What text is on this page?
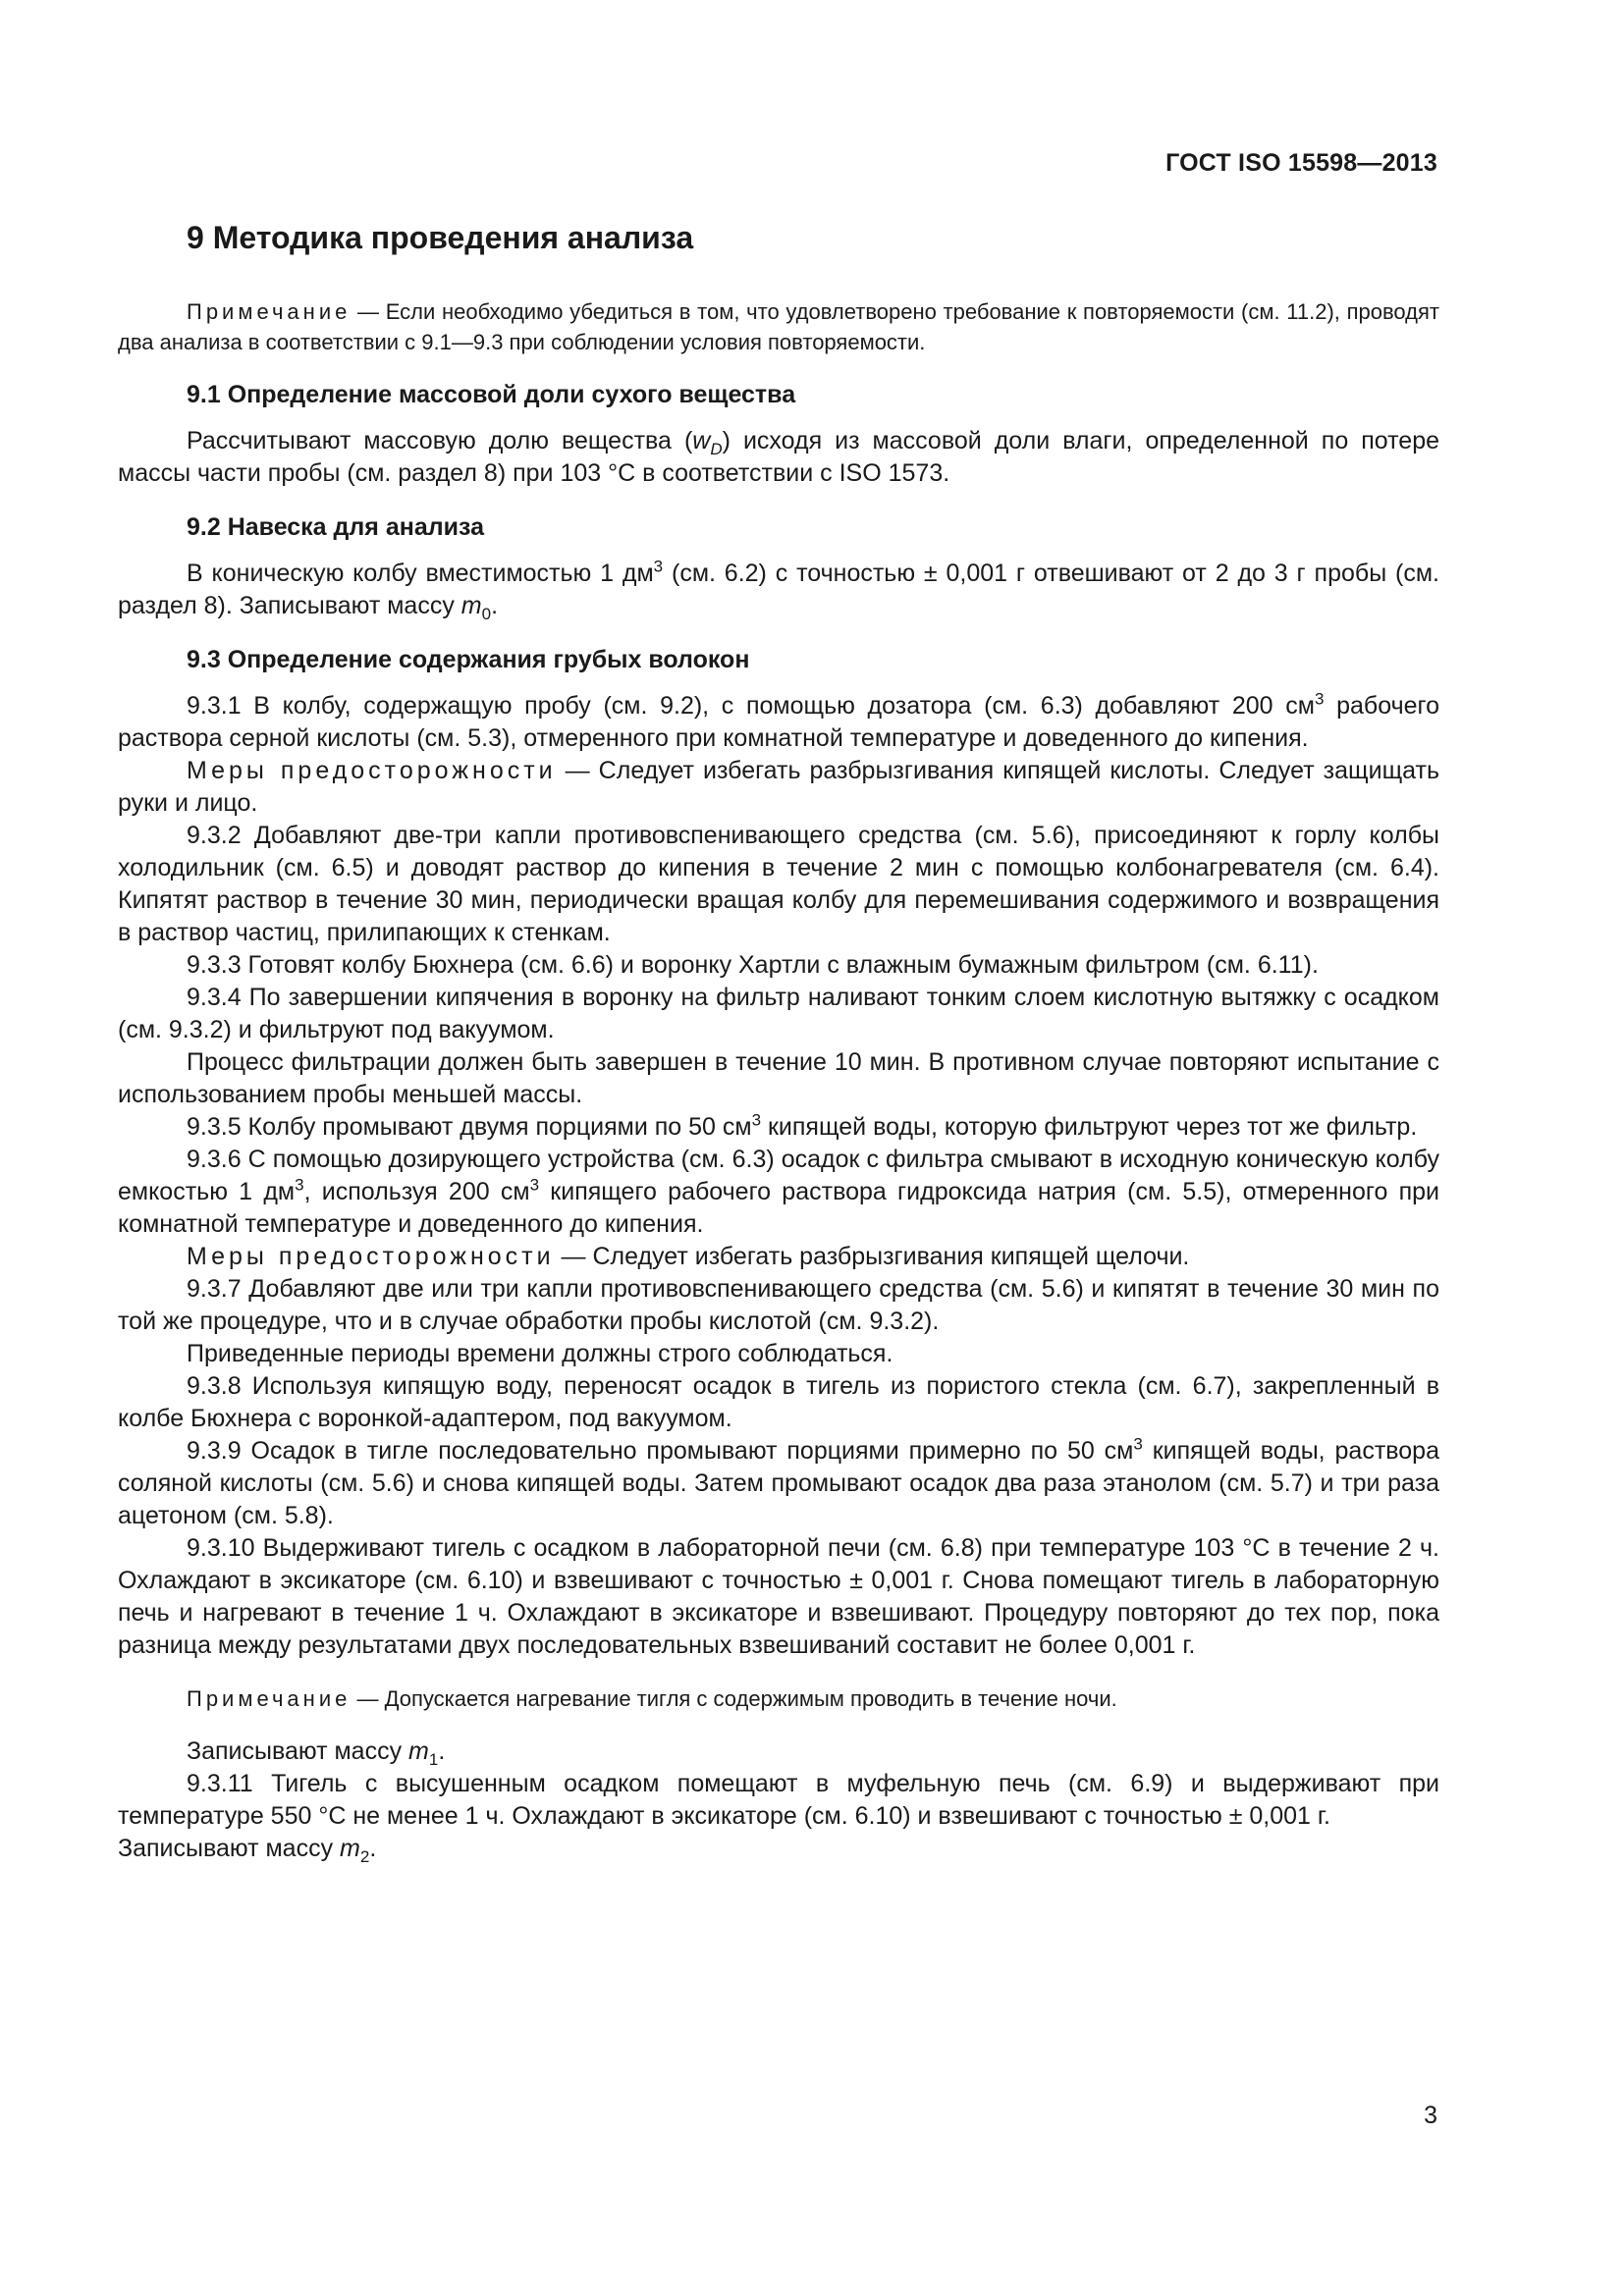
ГОСТ ISO 15598—2013
9 Методика проведения анализа

Примечание — Если необходимо убедиться в том, что удовлетворено требование к повторяемости (см. 11.2), проводят два анализа в соответствии с 9.1—9.3 при соблюдении условия повторяемости.

9.1 Определение массовой доли сухого вещества

Рассчитывают массовую долю вещества $(w_D)$ исходя из массовой доли влаги, определенной по потере массы части пробы (см. раздел 8) при 103 °С в соответствии с ISO 1573.

9.2 Навеска для анализа

В коническую колбу вместимостью 1 $дм^3$ (см. 6.2) с точностью ± 0,001 г отвешивают от 2 до 3 г пробы (см. раздел 8). Записывают массу $m_0$.

9.3 Определение содержания грубых волокон

9.3.1 В колбу, содержащую пробу (см. 9.2), с помощью дозатора (см. 6.3) добавляют 200 $см^3$ рабочего раствора серной кислоты (см. 5.3), отмеренного при комнатной температуре и доведенного до кипения.

Меры предосторожности — Следует избегать разбрызгивания кипящей кислоты. Следует защищать руки и лицо.

9.3.2 Добавляют две-три капли противовспенивающего средства (см. 5.6), присоединяют к горлу колбы холодильник (см. 6.5) и доводят раствор до кипения в течение 2 мин с помощью колбонагревателя (см. 6.4). Кипятят раствор в течение 30 мин, периодически вращая колбу для перемешивания содержимого и возвращения в раствор частиц, прилипающих к стенкам.

9.3.3 Готовят колбу Бюхнера (см. 6.6) и воронку Хартли с влажным бумажным фильтром (см. 6.11).

9.3.4 По завершении кипячения в воронку на фильтр наливают тонким слоем кислотную вытяжку с осадком (см. 9.3.2) и фильтруют под вакуумом.

Процесс фильтрации должен быть завершен в течение 10 мин. В противном случае повторяют испытание с использованием пробы меньшей массы.

9.3.5 Колбу промывают двумя порциями по 50 $см^3$ кипящей воды, которую фильтруют через тот же фильтр.

9.3.6 С помощью дозирующего устройства (см. 6.3) осадок с фильтра смывают в исходную коническую колбу емкостью 1 $дм^3$, используя 200 $см^3$ кипящего рабочего раствора гидроксида натрия (см. 5.5), отмеренного при комнатной температуре и доведенного до кипения.

Меры предосторожности — Следует избегать разбрызгивания кипящей щелочи.

9.3.7 Добавляют две или три капли противовспенивающего средства (см. 5.6) и кипятят в течение 30 мин по той же процедуре, что и в случае обработки пробы кислотой (см. 9.3.2).

Приведенные периоды времени должны строго соблюдаться.

9.3.8 Используя кипящую воду, переносят осадок в тигель из пористого стекла (см. 6.7), закрепленный в колбе Бюхнера с воронкой-адаптером, под вакуумом.

9.3.9 Осадок в тигле последовательно промывают порциями примерно по 50 $см^3$ кипящей воды, раствора соляной кислоты (см. 5.6) и снова кипящей воды. Затем промывают осадок два раза этанолом (см. 5.7) и три раза ацетоном (см. 5.8).

9.3.10 Выдерживают тигель с осадком в лабораторной печи (см. 6.8) при температуре 103 °С в течение 2 ч. Охлаждают в эксикаторе (см. 6.10) и взвешивают с точностью ± 0,001 г. Снова помещают тигель в лабораторную печь и нагревают в течение 1 ч. Охлаждают в эксикаторе и взвешивают. Процедуру повторяют до тех пор, пока разница между результатами двух последовательных взвешиваний составит не более 0,001 г.

Примечание — Допускается нагревание тигля с содержимым проводить в течение ночи.

Записывают массу $m_1$.

9.3.11 Тигель с высушенным осадком помещают в муфельную печь (см. 6.9) и выдерживают при температуре 550 °С не менее 1 ч. Охлаждают в эксикаторе (см. 6.10) и взвешивают с точностью ± 0,001 г.

Записывают массу $m_2$.

3
